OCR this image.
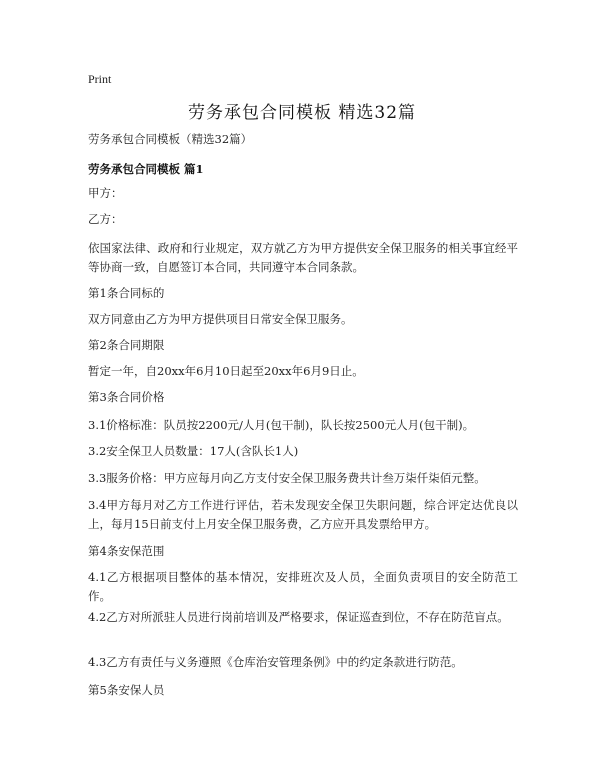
Print
劳务承包合同模板 精选32篇
劳务承包合同模板（精选32篇）
劳务承包合同模板 篇1
甲方：
乙方：
依国家法律、政府和行业规定，双方就乙方为甲方提供安全保卫服务的相关事宜经平等协商一致，自愿签订本合同，共同遵守本合同条款。
第1条合同标的
双方同意由乙方为甲方提供项目日常安全保卫服务。
第2条合同期限
暂定一年，自20xx年6月10日起至20xx年6月9日止。
第3条合同价格
3.1价格标准：队员按2200元/人月(包干制)，队长按2500元人月(包干制)。
3.2安全保卫人员数量：17人(含队长1人)
3.3服务价格：甲方应每月向乙方支付安全保卫服务费共计叁万柒仟柒佰元整。
3.4甲方每月对乙方工作进行评估，若未发现安全保卫失职问题，综合评定达优良以上，每月15日前支付上月安全保卫服务费，乙方应开具发票给甲方。
第4条安保范围
4.1乙方根据项目整体的基本情况，安排班次及人员，全面负责项目的安全防范工作。
4.2乙方对所派驻人员进行岗前培训及严格要求，保证巡查到位，不存在防范盲点。
4.3乙方有责任与义务遵照《仓库治安管理条例》中的约定条款进行防范。
第5条安保人员
